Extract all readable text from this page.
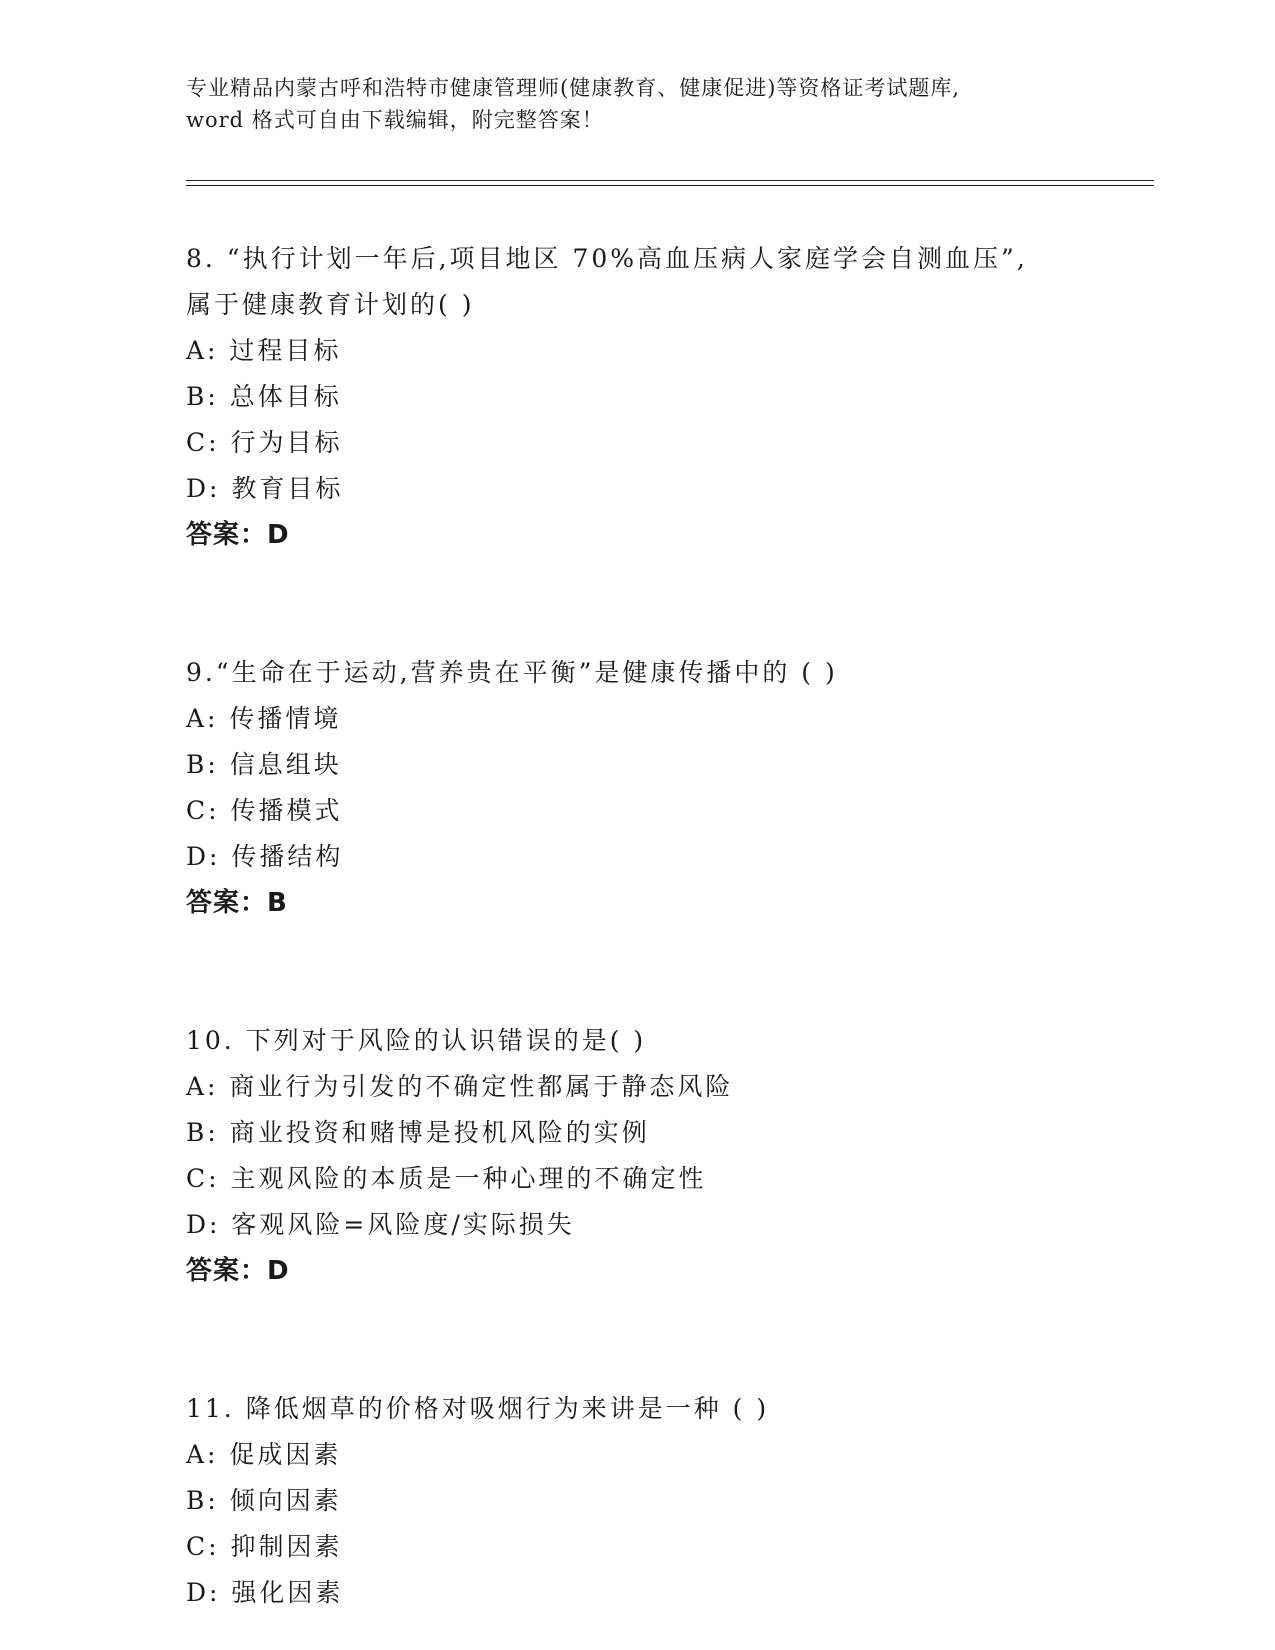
专业精品内蒙古呼和浩特市健康管理师(健康教育、健康促进)等资格证考试题库,
word 格式可自由下载编辑，附完整答案！
8. “执行计划一年后,项目地区 70%高血压病人家庭学会自测血压”,
属于健康教育计划的( )
A: 过程目标
B: 总体目标
C: 行为目标
D: 教育目标
答案：D
9.“生命在于运动,营养贵在平衡”是健康传播中的 ( )
A: 传播情境
B: 信息组块
C: 传播模式
D: 传播结构
答案：B
10. 下列对于风险的认识错误的是( )
A: 商业行为引发的不确定性都属于静态风险
B: 商业投资和赌博是投机风险的实例
C: 主观风险的本质是一种心理的不确定性
D: 客观风险=风险度/实际损失
答案：D
11. 降低烟草的价格对吸烟行为来讲是一种 ( )
A: 促成因素
B: 倾向因素
C: 抑制因素
D: 强化因素
